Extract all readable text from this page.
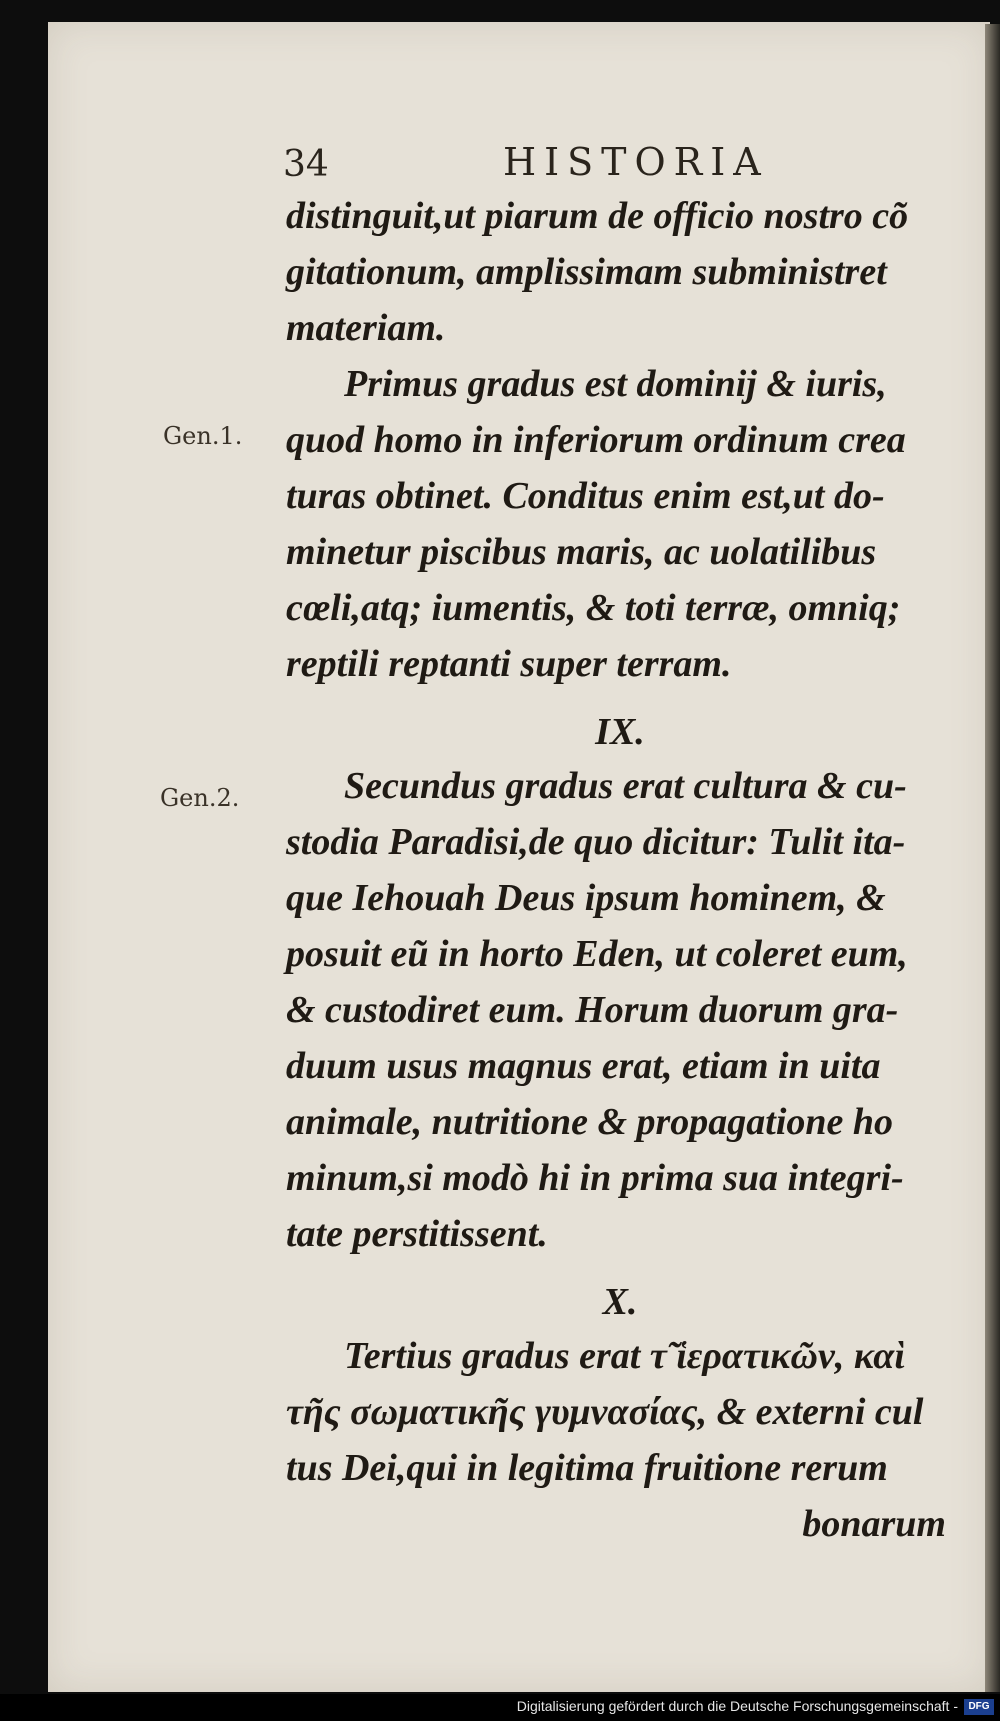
34	HISTORIA
Gen.1.
Gen.2.
distinguit,ut piarum de officio nostro cõ
gitationum, amplissimam subministret
materiam.
Primus gradus est dominij & iuris,
quod homo in inferiorum ordinum crea
turas obtinet. Conditus enim est,ut do-
minetur piscibus maris, ac uolatilibus
cœli,atq; iumentis, & toti terræ, omniq;
reptili reptanti super terram.
IX.
Secundus gradus erat cultura & cu-
stodia Paradisi,de quo dicitur: Tulit ita-
que Iehouah Deus ipsum hominem, &
posuit eũ in horto Eden, ut coleret eum,
& custodiret eum. Horum duorum gra-
duum usus magnus erat, etiam in uita
animale, nutritione & propagatione ho
minum,si modò hi in prima sua integri-
tate perstitissent.
X.
Tertius gradus erat τ̃ ἱερατικῶν, καὶ
τῆς σωματικῆς γυμνασίας, & externi cul
tus Dei,qui in legitima fruitione rerum
bonarum
Digitalisierung gefördert durch die Deutsche Forschungsgemeinschaft -	DFG
